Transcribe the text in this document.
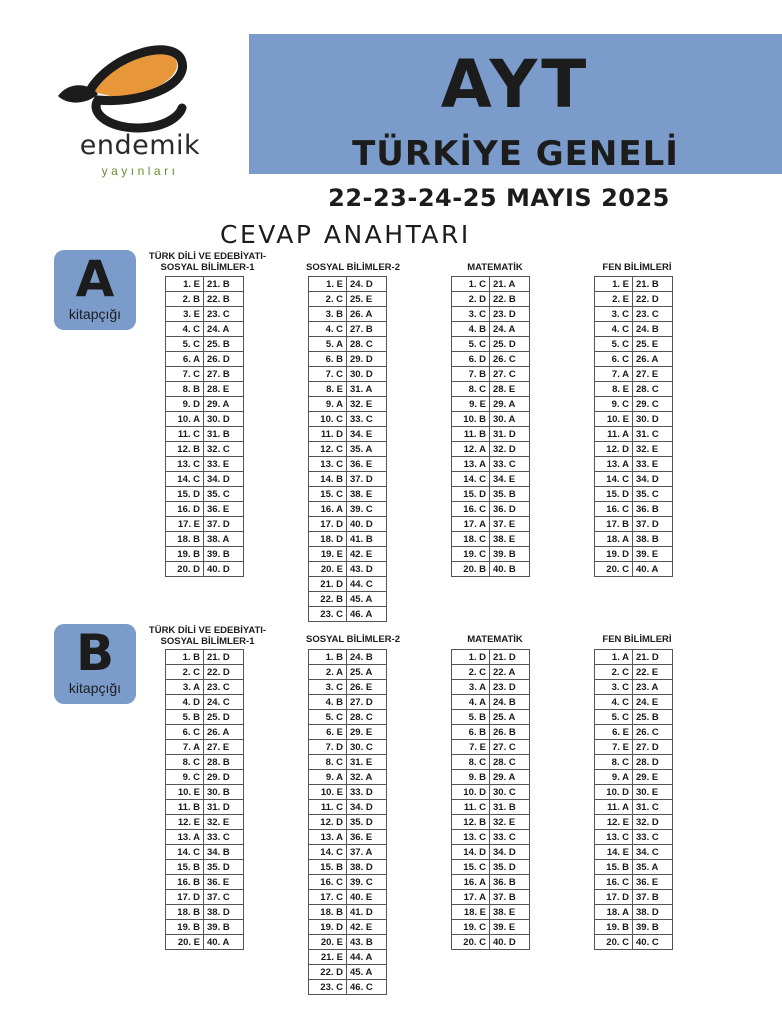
endemik
yayınları
AYT
TÜRKİYE GENELİ
22-23-24-25 MAYIS 2025
CEVAP ANAHTARI
A
kitapçığı
TÜRK DİLİ VE EDEBİYATI-SOSYAL BİLİMLER-1	SOSYAL BİLİMLER-2	MATEMATİK	FEN BİLİMLERİ
1. E	21. B
2. B	22. B
3. E	23. C
4. C	24. A
5. C	25. B
6. A	26. D
7. C	27. B
8. B	28. E
9. D	29. A
10. A	30. D
11. C	31. B
12. B	32. C
13. C	33. E
14. C	34. D
15. D	35. C
16. D	36. E
17. E	37. D
18. B	38. A
19. B	39. B
20. D	40. D
1. E	24. D
2. C	25. E
3. B	26. A
4. C	27. B
5. A	28. C
6. B	29. D
7. C	30. D
8. E	31. A
9. A	32. E
10. C	33. C
11. D	34. E
12. C	35. A
13. C	36. E
14. B	37. D
15. C	38. E
16. A	39. C
17. D	40. D
18. D	41. B
19. E	42. E
20. E	43. D
21. D	44. C
22. B	45. A
23. C	46. A
1. C	21. A
2. D	22. B
3. C	23. D
4. B	24. A
5. C	25. D
6. D	26. C
7. B	27. C
8. C	28. E
9. E	29. A
10. B	30. A
11. B	31. D
12. A	32. D
13. A	33. C
14. C	34. E
15. D	35. B
16. C	36. D
17. A	37. E
18. C	38. E
19. C	39. B
20. B	40. B
1. E	21. B
2. E	22. D
3. C	23. C
4. C	24. B
5. C	25. E
6. C	26. A
7. A	27. E
8. E	28. C
9. C	29. C
10. E	30. D
11. A	31. C
12. D	32. E
13. A	33. E
14. C	34. D
15. D	35. C
16. C	36. B
17. B	37. D
18. A	38. B
19. D	39. E
20. C	40. A
B
kitapçığı
TÜRK DİLİ VE EDEBİYATI-SOSYAL BİLİMLER-1	SOSYAL BİLİMLER-2	MATEMATİK	FEN BİLİMLERİ
1. B	21. D
2. C	22. D
3. A	23. C
4. D	24. C
5. B	25. D
6. C	26. A
7. A	27. E
8. C	28. B
9. C	29. D
10. E	30. B
11. B	31. D
12. E	32. E
13. A	33. C
14. C	34. B
15. B	35. D
16. B	36. E
17. D	37. C
18. B	38. D
19. B	39. B
20. E	40. A
1. B	24. B
2. A	25. A
3. C	26. E
4. B	27. D
5. C	28. C
6. E	29. E
7. D	30. C
8. C	31. E
9. A	32. A
10. E	33. D
11. C	34. D
12. D	35. D
13. A	36. E
14. C	37. A
15. B	38. D
16. C	39. C
17. C	40. E
18. B	41. D
19. D	42. E
20. E	43. B
21. E	44. A
22. D	45. A
23. C	46. C
1. D	21. D
2. C	22. A
3. A	23. D
4. A	24. B
5. B	25. A
6. B	26. B
7. E	27. C
8. C	28. C
9. B	29. A
10. D	30. C
11. C	31. B
12. B	32. E
13. C	33. C
14. D	34. D
15. C	35. D
16. A	36. B
17. A	37. B
18. E	38. E
19. C	39. E
20. C	40. D
1. A	21. D
2. C	22. E
3. C	23. A
4. C	24. E
5. C	25. B
6. E	26. C
7. E	27. D
8. C	28. D
9. A	29. E
10. D	30. E
11. A	31. C
12. E	32. D
13. C	33. C
14. E	34. C
15. B	35. A
16. C	36. E
17. D	37. B
18. A	38. D
19. B	39. B
20. C	40. C
